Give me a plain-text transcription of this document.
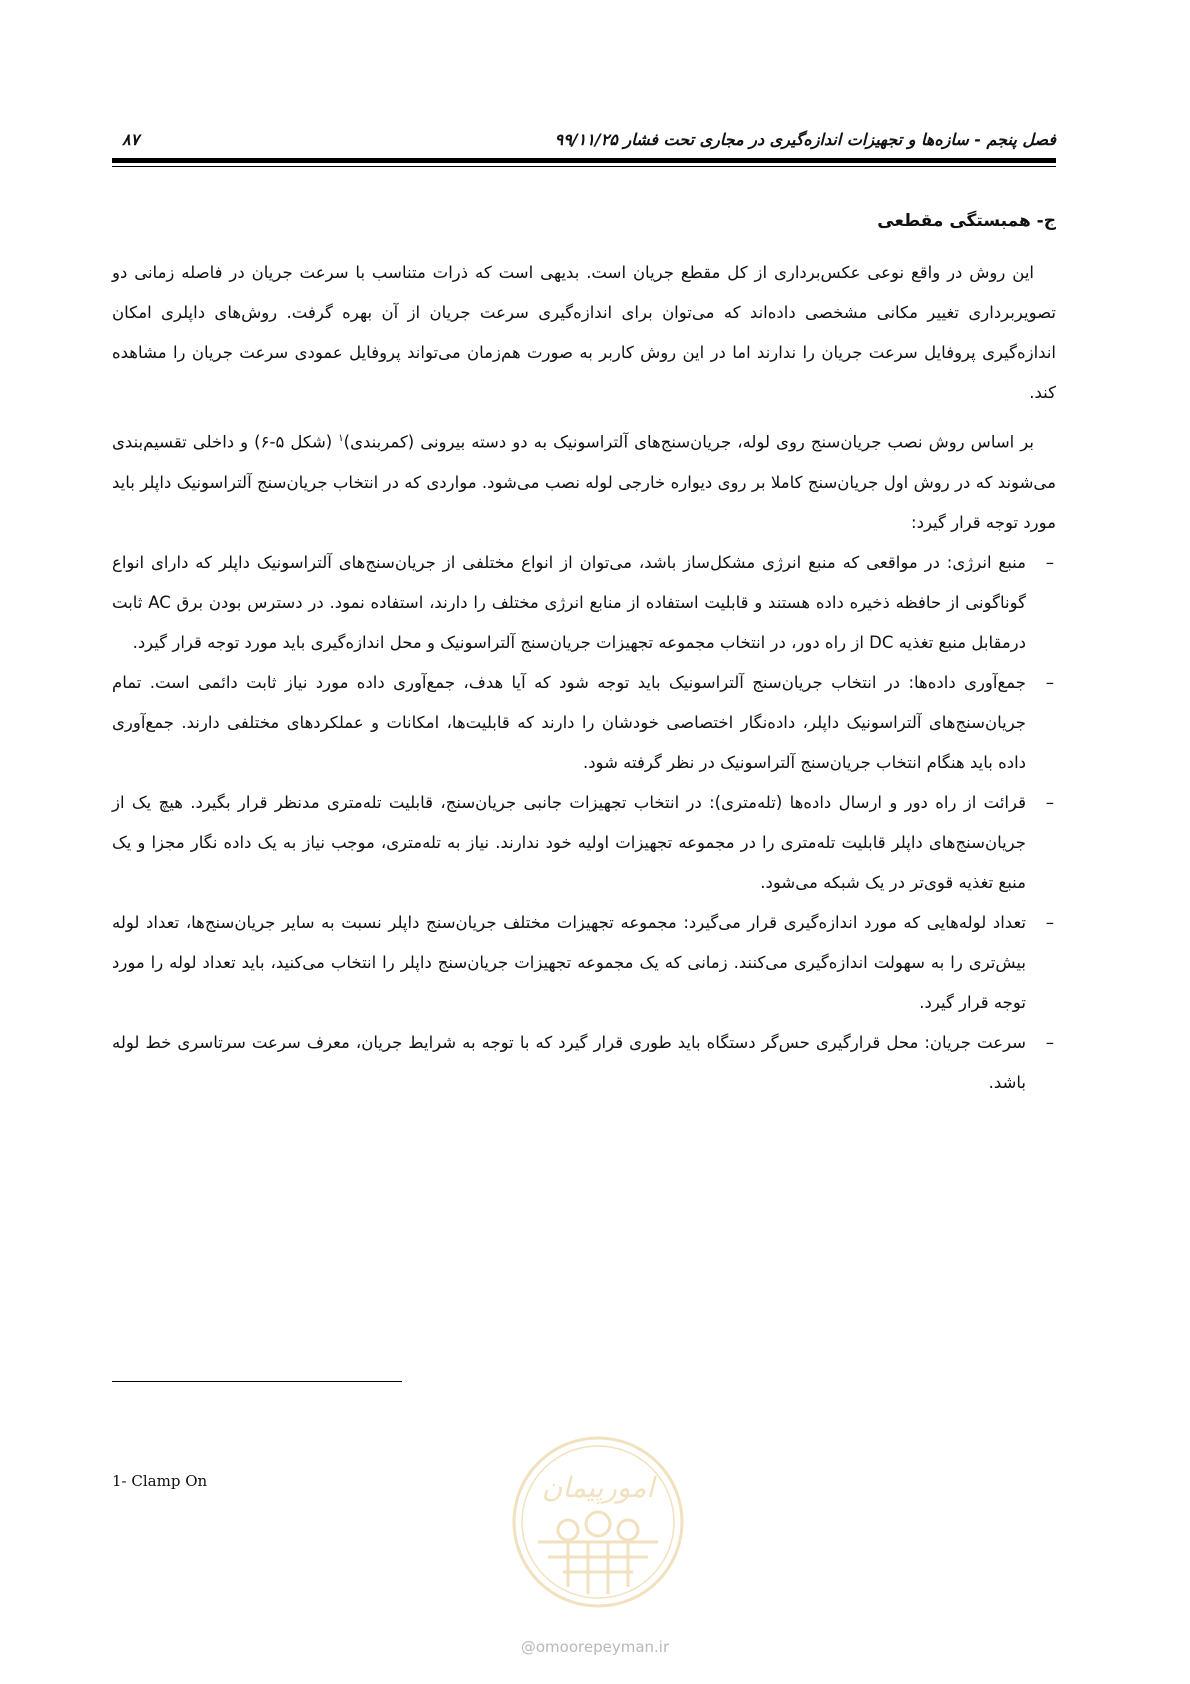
فصل پنجم - سازه‌ها و تجهیزات اندازه‌گیری در مجاری تحت فشار ۹۹/۱۱/۲۵
۸۷
ج- همبستگی مقطعی

این روش در واقع نوعی عکس‌برداری از کل مقطع جریان است. بدیهی است که ذرات متناسب با سرعت جریان در فاصله زمانی دو تصویربرداری تغییر مکانی مشخصی داده‌اند که می‌توان برای اندازه‌گیری سرعت جریان از آن بهره گرفت. روش‌های داپلری امکان اندازه‌گیری پروفایل سرعت جریان را ندارند اما در این روش کاربر به صورت هم‌زمان می‌تواند پروفایل عمودی سرعت جریان را مشاهده کند.

بر اساس روش نصب جریان‌سنج روی لوله، جریان‌سنج‌های آلتراسونیک به دو دسته بیرونی (کمربندی)$^۱$ (شکل ۵-۶) و داخلی تقسیم‌بندی می‌شوند که در روش اول جریان‌سنج کاملا بر روی دیواره خارجی لوله نصب می‌شود. مواردی که در انتخاب جریان‌سنج آلتراسونیک داپلر باید مورد توجه قرار گیرد:

–
منبع انرژی: در مواقعی که منبع انرژی مشکل‌ساز باشد، می‌توان از انواع مختلفی از جریان‌سنج‌های آلتراسونیک داپلر که دارای انواع گوناگونی از حافظه ذخیره داده هستند و قابلیت استفاده از منابع انرژی مختلف را دارند، استفاده نمود. در دسترس بودن برق AC ثابت درمقابل منبع تغذیه DC از راه دور، در انتخاب مجموعه تجهیزات جریان‌سنج آلتراسونیک و محل اندازه‌گیری باید مورد توجه قرار گیرد.
–
جمع‌آوری داده‌ها: در انتخاب جریان‌سنج آلتراسونیک باید توجه شود که آیا هدف، جمع‌آوری داده مورد نیاز ثابت دائمی است. تمام جریان‌سنج‌های آلتراسونیک داپلر، داده‌نگار اختصاصی خودشان را دارند که قابلیت‌ها، امکانات و عملکردهای مختلفی دارند. جمع‌آوری داده باید هنگام انتخاب جریان‌سنج آلتراسونیک در نظر گرفته شود.
–
قرائت از راه دور و ارسال داده‌ها (تله‌متری): در انتخاب تجهیزات جانبی جریان‌سنج، قابلیت تله‌متری مدنظر قرار بگیرد. هیچ یک از جریان‌سنج‌های داپلر قابلیت تله‌متری را در مجموعه تجهیزات اولیه خود ندارند. نیاز به تله‌متری، موجب نیاز به یک داده نگار مجزا و یک منبع تغذیه قوی‌تر در یک شبکه می‌شود.
–
تعداد لوله‌هایی که مورد اندازه‌گیری قرار می‌گیرد: مجموعه تجهیزات مختلف جریان‌سنج داپلر نسبت به سایر جریان‌سنج‌ها، تعداد لوله بیش‌تری را به سهولت اندازه‌گیری می‌کنند. زمانی که یک مجموعه تجهیزات جریان‌سنج داپلر را انتخاب می‌کنید، باید تعداد لوله را مورد توجه قرار گیرد.
–
سرعت جریان: محل قرارگیری حس‌گر دستگاه باید طوری قرار گیرد که با توجه به شرایط جریان، معرف سرعت سرتاسری خط لوله باشد.
1- Clamp On	امورپیمان
@omoorepeyman.ir
